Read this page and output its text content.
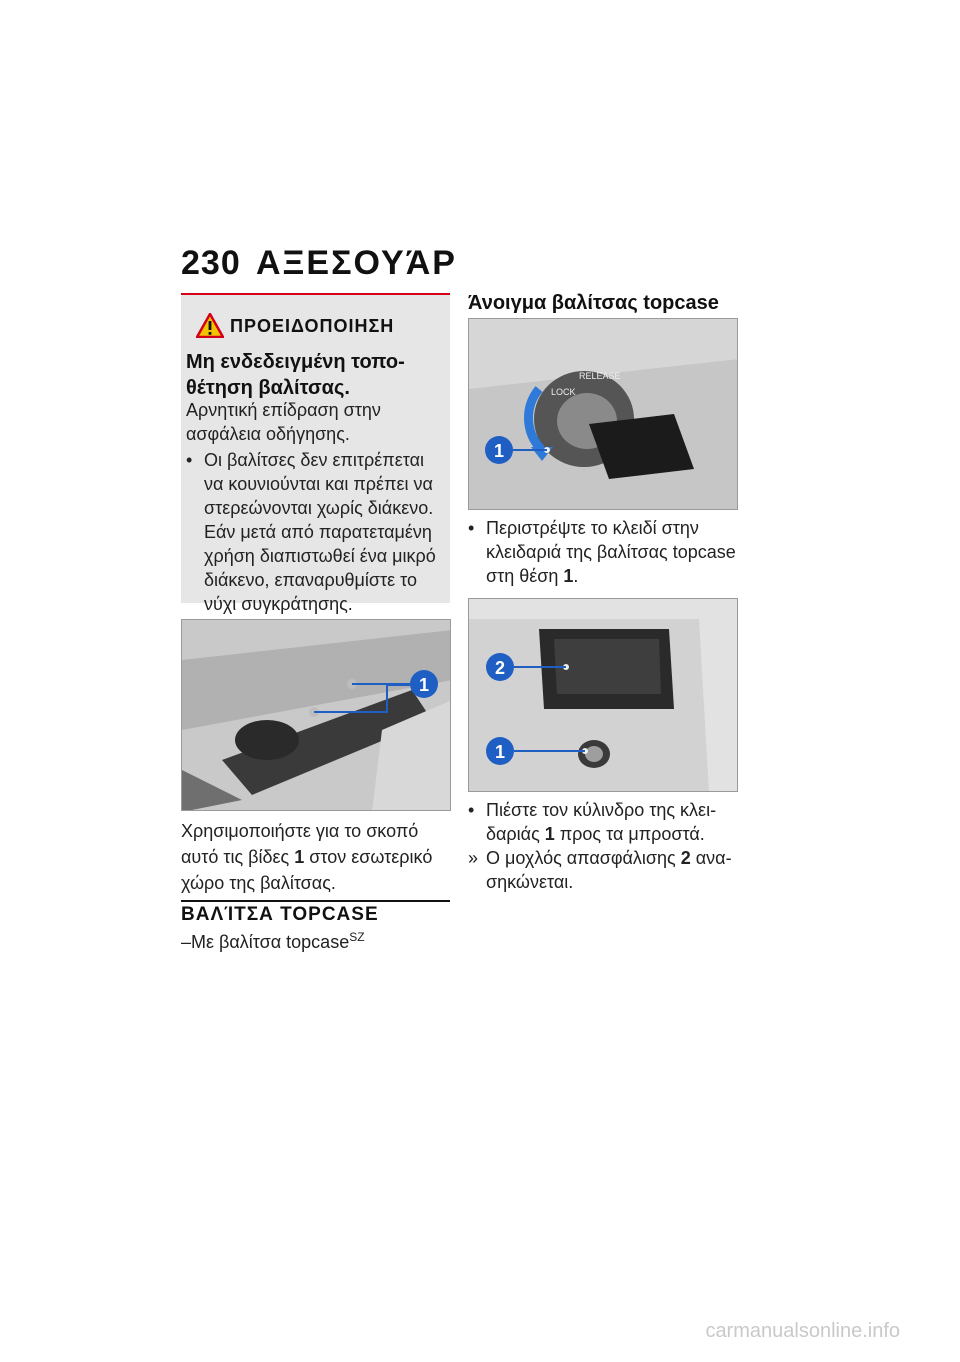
230 ΑΞΕΣΟΥΆΡ
ΠΡΟΕΙΔΟΠΟΙΗΣΗ
Μη ενδεδειγμένη τοπο-θέτηση βαλίτσας.
Αρνητική επίδραση στην ασφάλεια οδήγησης.
• Οι βαλίτσες δεν επιτρέπεται να κουνιούνται και πρέπει να στερεώνονται χωρίς διάκενο. Εάν μετά από παρατεταμένη χρήση διαπιστωθεί ένα μικρό διάκενο, επαναρυθμίστε το νύχι συγκράτησης.
1
Χρησιμοποιήστε για το σκοπό αυτό τις βίδες 1 στον εσωτερικό χώρο της βαλίτσας.
ΒΑΛΊΤΣΑ TOPCASE
–Με βαλίτσα topcase$^{SZ}$
Άνοιγμα βαλίτσας topcase
LOCK
RELEASE
1
• Περιστρέψτε το κλειδί στην κλειδαριά της βαλίτσας topcase στη θέση 1.
2
1
• Πιέστε τον κύλινδρο της κλει-δαριάς 1 προς τα μπροστά.
» Ο μοχλός απασφάλισης 2 ανα-σηκώνεται.
carmanualsonline.info
